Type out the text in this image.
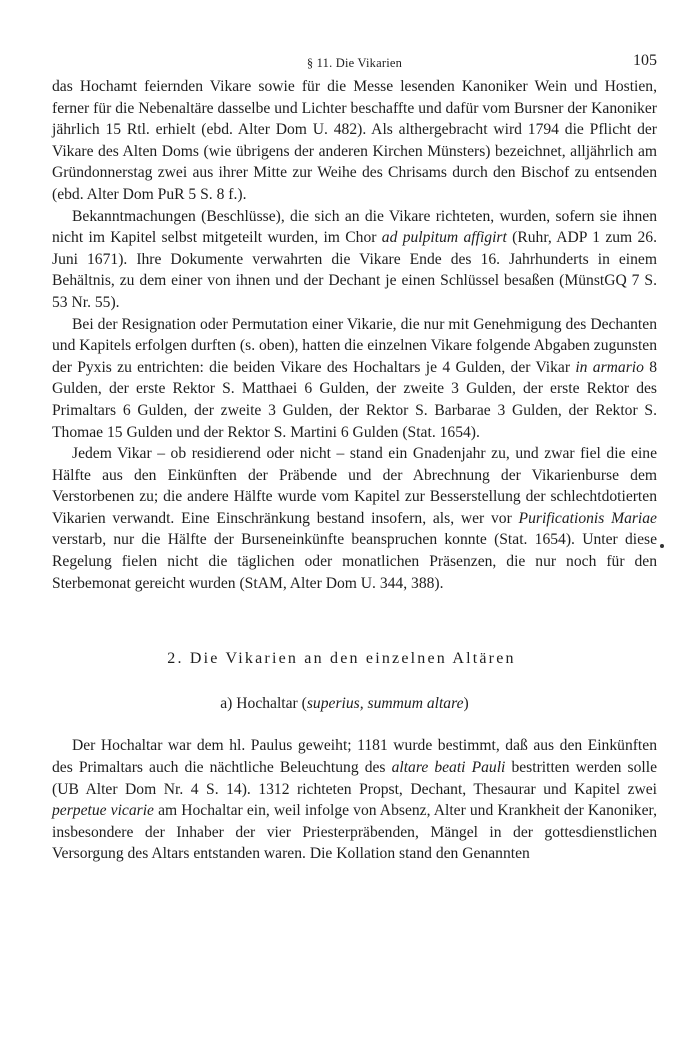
§ 11. Die Vikarien	105

das Hochamt feiernden Vikare sowie für die Messe lesenden Kanoniker Wein und Hostien, ferner für die Nebenaltäre dasselbe und Lichter beschaffte und dafür vom Bursner der Kanoniker jährlich 15 Rtl. erhielt (ebd. Alter Dom U. 482). Als althergebracht wird 1794 die Pflicht der Vikare des Alten Doms (wie übrigens der anderen Kirchen Münsters) bezeichnet, alljährlich am Gründonnerstag zwei aus ihrer Mitte zur Weihe des Chrisams durch den Bischof zu entsenden (ebd. Alter Dom PuR 5 S. 8 f.).

Bekanntmachungen (Beschlüsse), die sich an die Vikare richteten, wurden, sofern sie ihnen nicht im Kapitel selbst mitgeteilt wurden, im Chor ad pulpitum affigirt (Ruhr, ADP 1 zum 26. Juni 1671). Ihre Dokumente verwahrten die Vikare Ende des 16. Jahrhunderts in einem Behältnis, zu dem einer von ihnen und der Dechant je einen Schlüssel besaßen (MünstGQ 7 S. 53 Nr. 55).

Bei der Resignation oder Permutation einer Vikarie, die nur mit Genehmigung des Dechanten und Kapitels erfolgen durften (s. oben), hatten die einzelnen Vikare folgende Abgaben zugunsten der Pyxis zu entrichten: die beiden Vikare des Hochaltars je 4 Gulden, der Vikar in armario 8 Gulden, der erste Rektor S. Matthaei 6 Gulden, der zweite 3 Gulden, der erste Rektor des Primaltars 6 Gulden, der zweite 3 Gulden, der Rektor S. Barbarae 3 Gulden, der Rektor S. Thomae 15 Gulden und der Rektor S. Martini 6 Gulden (Stat. 1654).

Jedem Vikar – ob residierend oder nicht – stand ein Gnadenjahr zu, und zwar fiel die eine Hälfte aus den Einkünften der Präbende und der Abrechnung der Vikarienburse dem Verstorbenen zu; die andere Hälfte wurde vom Kapitel zur Besserstellung der schlechtdotierten Vikarien verwandt. Eine Einschränkung bestand insofern, als, wer vor Purificationis Mariae verstarb, nur die Hälfte der Burseneinkünfte beanspruchen konnte (Stat. 1654). Unter diese Regelung fielen nicht die täglichen oder monatlichen Präsenzen, die nur noch für den Sterbemonat gereicht wurden (StAM, Alter Dom U. 344, 388).

2. Die Vikarien an den einzelnen Altären
a) Hochaltar (superius, summum altare)

Der Hochaltar war dem hl. Paulus geweiht; 1181 wurde bestimmt, daß aus den Einkünften des Primaltars auch die nächtliche Beleuchtung des altare beati Pauli bestritten werden solle (UB Alter Dom Nr. 4 S. 14). 1312 richteten Propst, Dechant, Thesaurar und Kapitel zwei perpetue vicarie am Hochaltar ein, weil infolge von Absenz, Alter und Krankheit der Kanoniker, insbesondere der Inhaber der vier Priesterpräbenden, Mängel in der gottesdienstlichen Versorgung des Altars entstanden waren. Die Kollation stand den Genannten
